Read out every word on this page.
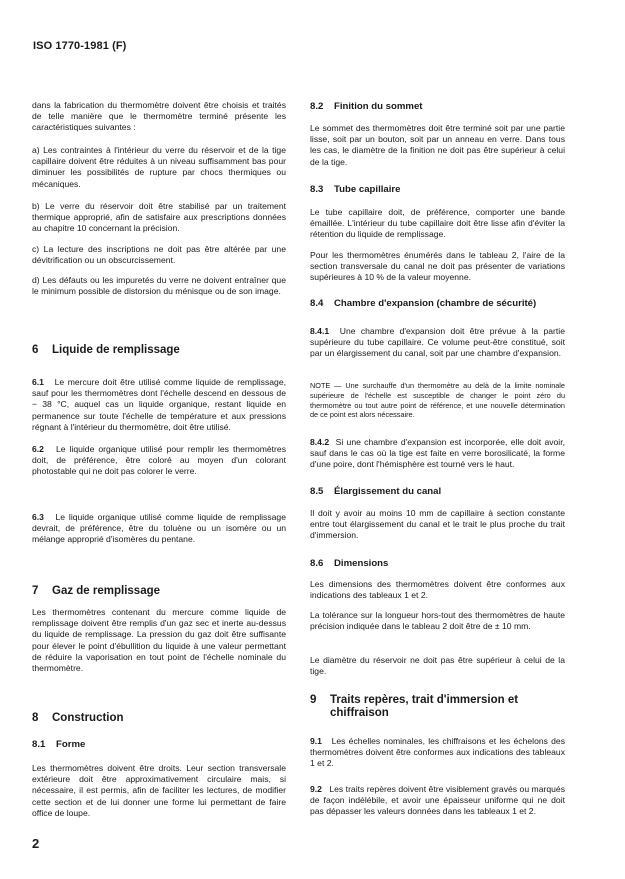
ISO 1770-1981 (F)

dans la fabrication du thermomètre doivent être choisis et traités de telle manière que le thermomètre terminé présente les caractéristiques suivantes :

a) Les contraintes à l'intérieur du verre du réservoir et de la tige capillaire doivent être réduites à un niveau suffisamment bas pour diminuer les possibilités de rupture par chocs thermiques ou mécaniques.

b) Le verre du réservoir doit être stabilisé par un traitement thermique approprié, afin de satisfaire aux prescriptions données au chapitre 10 concernant la précision.

c) La lecture des inscriptions ne doit pas être altérée par une dévitrification ou un obscurcissement.

d) Les défauts ou les impuretés du verre ne doivent entraîner que le minimum possible de distorsion du ménisque ou de son image.

6	Liquide de remplissage

6.1 Le mercure doit être utilisé comme liquide de remplissage, sauf pour les thermomètres dont l'échelle descend en dessous de − 38 °C, auquel cas un liquide organique, restant liquide en permanence sur toute l'échelle de température et aux pressions régnant à l'intérieur du thermomètre, doit être utilisé.

6.2 Le liquide organique utilisé pour remplir les thermomètres doit, de préférence, être coloré au moyen d'un colorant photostable qui ne doit pas colorer le verre.

6.3 Le liquide organique utilisé comme liquide de remplissage devrait, de préférence, être du toluène ou un isomère ou un mélange approprié d'isomères du pentane.

7	Gaz de remplissage

Les thermomètres contenant du mercure comme liquide de remplissage doivent être remplis d'un gaz sec et inerte au-dessus du liquide de remplissage. La pression du gaz doit être suffisante pour élever le point d'ébullition du liquide à une valeur permettant de réduire la vaporisation en tout point de l'échelle nominale du thermomètre.

8	Construction
8.1	Forme

Les thermomètres doivent être droits. Leur section transversale extérieure doit être approximativement circulaire mais, si nécessaire, il est permis, afin de faciliter les lectures, de modifier cette section et de lui donner une forme lui permettant de faire office de loupe.

8.2	Finition du sommet

Le sommet des thermomètres doit être terminé soit par une partie lisse, soit par un bouton, soit par un anneau en verre. Dans tous les cas, le diamètre de la finition ne doit pas être supérieur à celui de la tige.

8.3	Tube capillaire

Le tube capillaire doit, de préférence, comporter une bande émaillée. L'intérieur du tube capillaire doit être lisse afin d'éviter la rétention du liquide de remplissage.

Pour les thermomètres énumérés dans le tableau 2, l'aire de la section transversale du canal ne doit pas présenter de variations supérieures à 10 % de la valeur moyenne.

8.4	Chambre d'expansion (chambre de sécurité)

8.4.1 Une chambre d'expansion doit être prévue à la partie supérieure du tube capillaire. Ce volume peut-être constitué, soit par un élargissement du canal, soit par une chambre d'expansion.

NOTE — Une surchauffe d'un thermomètre au delà de la limite nominale supérieure de l'échelle est susceptible de changer le point zéro du thermomètre ou tout autre point de référence, et une nouvelle détermination de ce point est alors nécessaire.

8.4.2 Si une chambre d'expansion est incorporée, elle doit avoir, sauf dans le cas où la tige est faite en verre borosilicaté, la forme d'une poire, dont l'hémisphère est tourné vers le haut.

8.5	Élargissement du canal

Il doit y avoir au moins 10 mm de capillaire à section constante entre tout élargissement du canal et le trait le plus proche du trait d'immersion.

8.6	Dimensions

Les dimensions des thermomètres doivent être conformes aux indications des tableaux 1 et 2.

La tolérance sur la longueur hors-tout des thermomètres de haute précision indiquée dans le tableau 2 doit être de ± 10 mm.

Le diamètre du réservoir ne doit pas être supérieur à celui de la tige.

9	Traits repères, trait d'immersion et chiffraison

9.1 Les échelles nominales, les chiffraisons et les échelons des thermomètres doivent être conformes aux indications des tableaux 1 et 2.

9.2 Les traits repères doivent être visiblement gravés ou marqués de façon indélébile, et avoir une épaisseur uniforme qui ne doit pas dépasser les valeurs données dans les tableaux 1 et 2.

2
